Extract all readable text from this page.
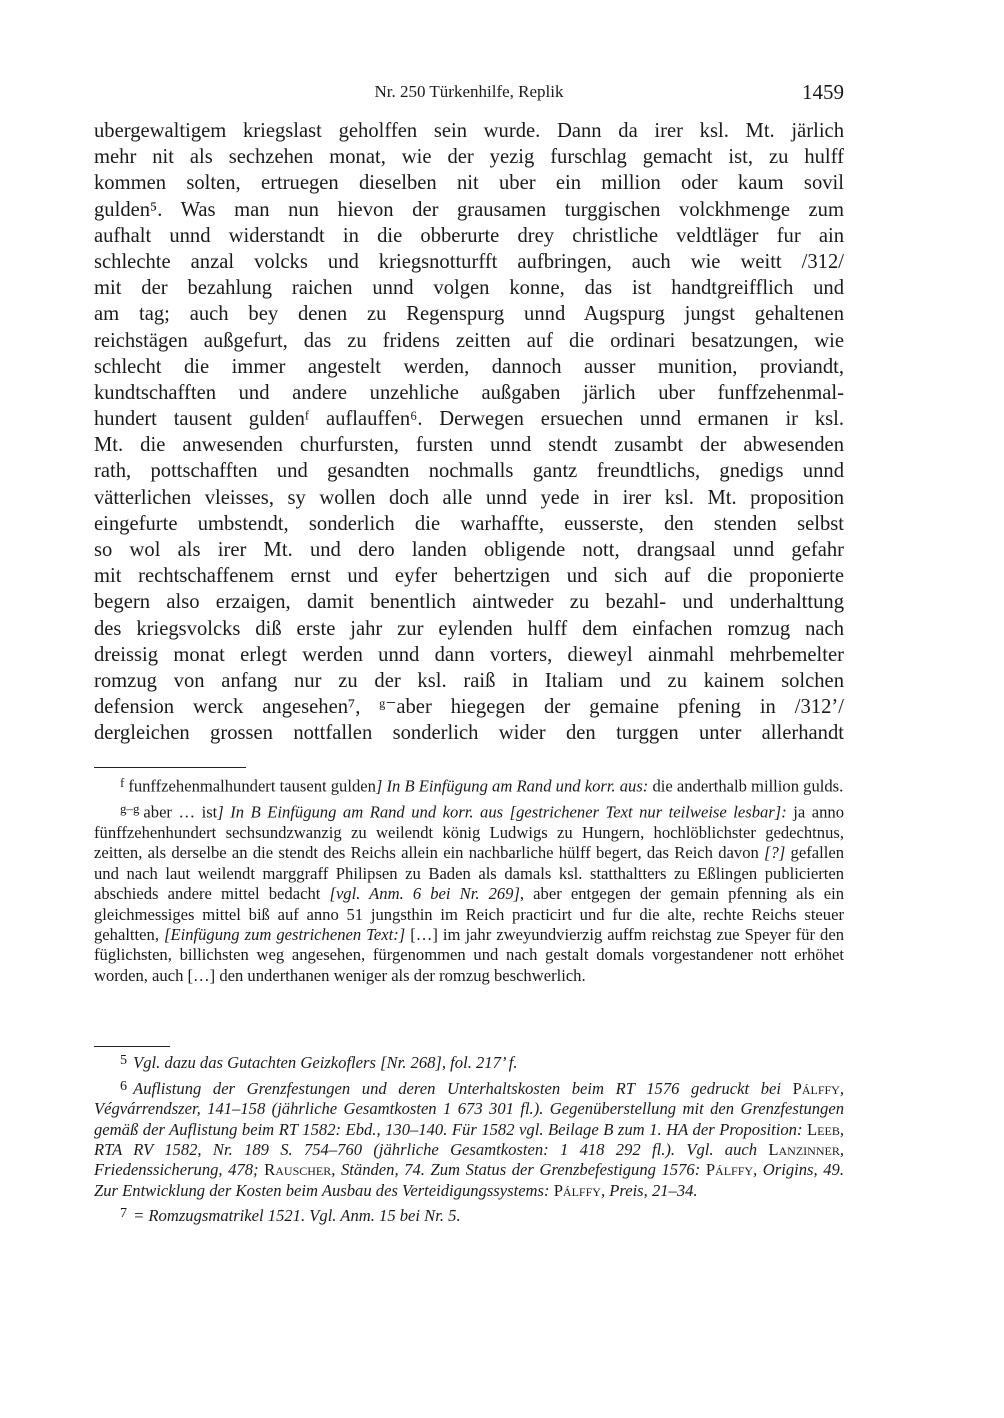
Nr. 250 Türkenhilfe, Replik	1459
ubergewaltigem kriegslast geholffen sein wurde. Dann da irer ksl. Mt. järlich
mehr nit als sechzehen monat, wie der yezig furschlag gemacht ist, zu hulff
kommen solten, ertruegen dieselben nit uber ein million oder kaum sovil
gulden⁵. Was man nun hievon der grausamen turggischen volckhmenge zum
aufhalt unnd widerstandt in die obberurte drey christliche veldtläger fur ain
schlechte anzal volcks und kriegsnotturfft aufbringen, auch wie weitt /312/
mit der bezahlung raichen unnd volgen konne, das ist handtgreifflich und
am tag; auch bey denen zu Regenspurg unnd Augspurg jungst gehaltenen
reichstägen außgefurt, das zu fridens zeitten auf die ordinari besatzungen, wie
schlecht die immer angestelt werden, dannoch ausser munition, proviandt,
kundtschafften und andere unzehliche außgaben järlich uber funffzehenmal-
hundert tausent guldenᶠ auflauffen⁶. Derwegen ersuechen unnd ermanen ir ksl.
Mt. die anwesenden churfursten, fursten unnd stendt zusambt der abwesenden
rath, pottschafften und gesandten nochmalls gantz freundtlichs, gnedigs unnd
vätterlichen vleisses, sy wollen doch alle unnd yede in irer ksl. Mt. proposition
eingefurte umbstendt, sonderlich die warhaffte, eusserste, den stenden selbst
so wol als irer Mt. und dero landen obligende nott, drangsaal unnd gefahr
mit rechtschaffenem ernst und eyfer behertzigen und sich auf die proponierte
begern also erzaigen, damit benentlich aintweder zu bezahl- und underhalttung
des kriegsvolcks diß erste jahr zur eylenden hulff dem einfachen romzug nach
dreissig monat erlegt werden unnd dann vorters, dieweyl ainmahl mehrbemelter
romzug von anfang nur zu der ksl. raiß in Italiam und zu kainem solchen
defension werck angesehen⁷, ᵍ⁻aber hiegegen der gemaine pfening in /312’/
dergleichen grossen nottfallen sonderlich wider den turggen unter allerhandt

$^f$ funffzehenmalhundert tausent gulden] In B Einfügung am Rand und korr. aus: die anderthalb million gulds.

$^{g-g}$ aber … ist] In B Einfügung am Rand und korr. aus [gestrichener Text nur teilweise lesbar]: ja anno fünffzehenhundert sechsundzwanzig zu weilendt könig Ludwigs zu Hungern, hochlöblichster gedechtnus, zeitten, als derselbe an die stendt des Reichs allein ein nachbarliche hülff begert, das Reich davon [?] gefallen und nach laut weilendt marggraff Philipsen zu Baden als damals ksl. statthaltters zu Eßlingen publicierten abschieds andere mittel bedacht [vgl. Anm. 6 bei Nr. 269], aber entgegen der gemain pfenning als ein gleichmessiges mittel biß auf anno 51 jungsthin im Reich practicirt und fur die alte, rechte Reichs steuer gehaltten, [Einfügung zum gestrichenen Text:] […] im jahr zweyundvierzig auffm reichstag zue Speyer für den füglichsten, billichsten weg angesehen, fürgenommen und nach gestalt domals vorgestandener nott erhöhet worden, auch […] den underthanen weniger als der romzug beschwerlich.

$^5$ Vgl. dazu das Gutachten Geizkoflers [Nr. 268], fol. 217’ f.

$^6$ Auflistung der Grenzfestungen und deren Unterhaltskosten beim RT 1576 gedruckt bei Pálffy, Végvárrendszer, 141–158 (jährliche Gesamtkosten 1 673 301 fl.). Gegenüberstellung mit den Grenzfestungen gemäß der Auflistung beim RT 1582: Ebd., 130–140. Für 1582 vgl. Beilage B zum 1. HA der Proposition: Leeb, RTA RV 1582, Nr. 189 S. 754–760 (jährliche Gesamtkosten: 1 418 292 fl.). Vgl. auch Lanzinner, Friedenssicherung, 478; Rauscher, Ständen, 74. Zum Status der Grenzbefestigung 1576: Pálffy, Origins, 49. Zur Entwicklung der Kosten beim Ausbau des Verteidigungssystems: Pálffy, Preis, 21–34.

$^7$ = Romzugsmatrikel 1521. Vgl. Anm. 15 bei Nr. 5.
